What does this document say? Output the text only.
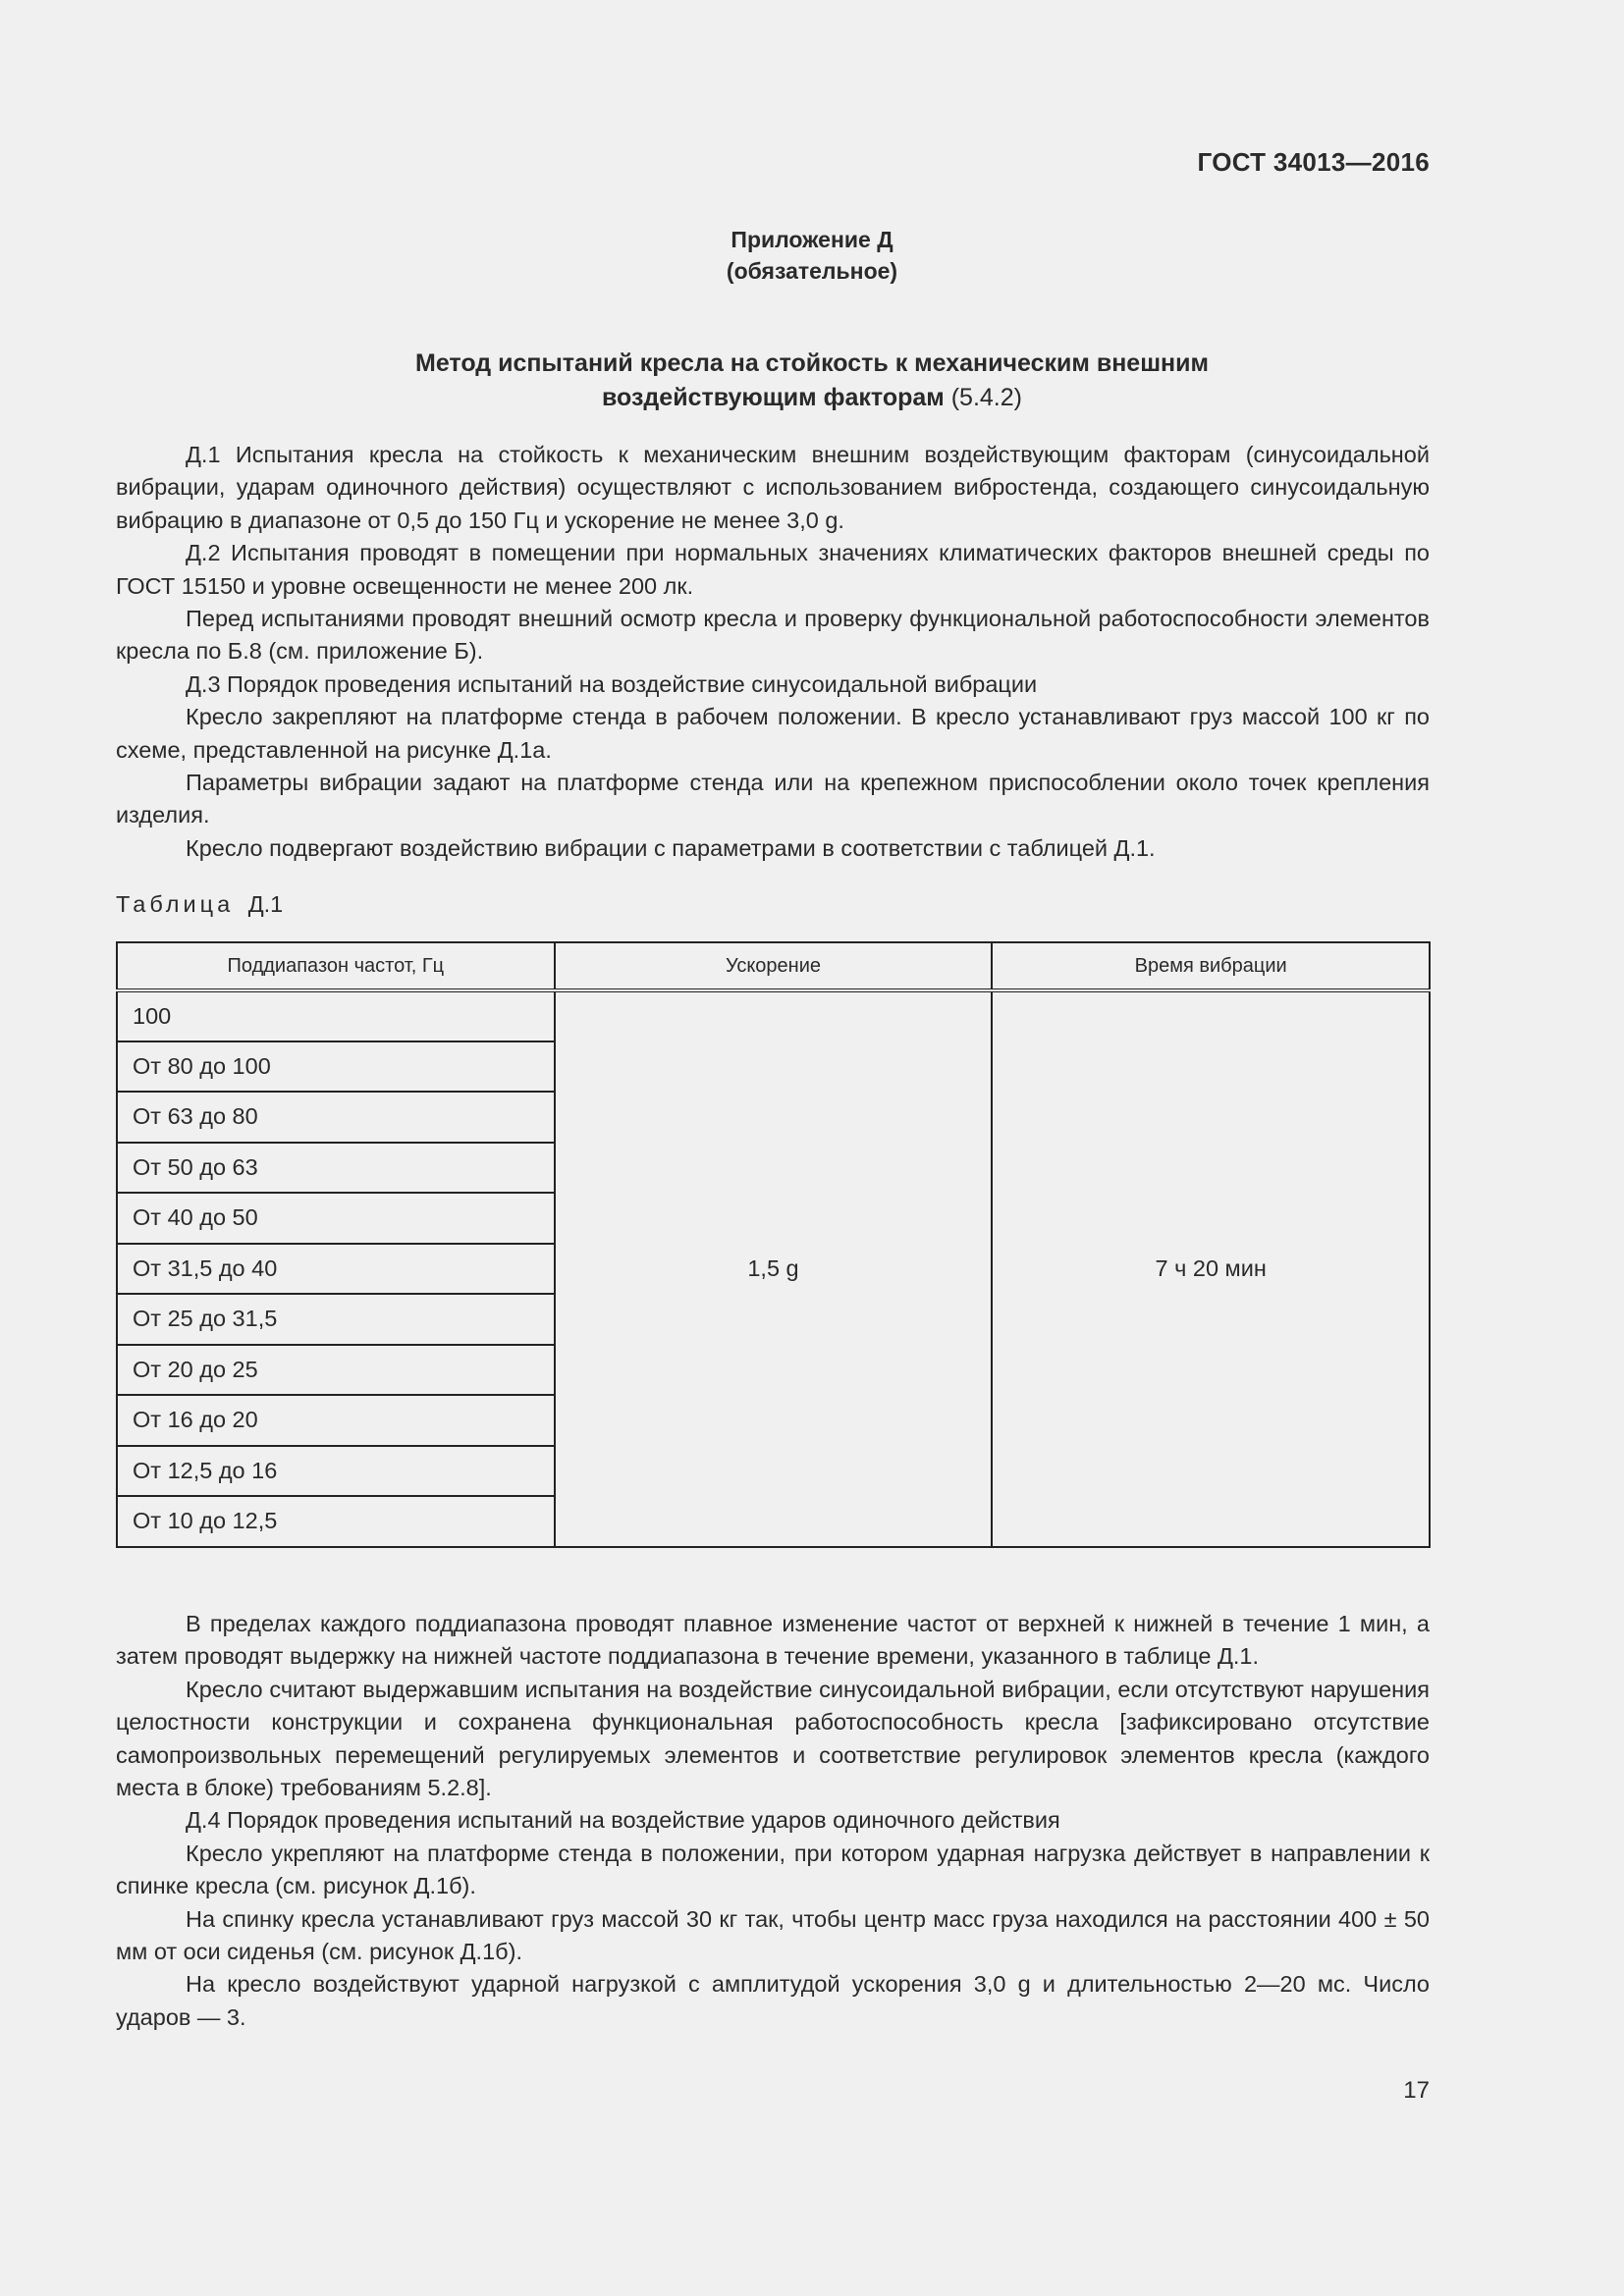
ГОСТ 34013—2016
Приложение Д
(обязательное)
Метод испытаний кресла на стойкость к механическим внешним
воздействующим факторам (5.4.2)

Д.1 Испытания кресла на стойкость к механическим внешним воздействующим факторам (синусоидальной вибрации, ударам одиночного действия) осуществляют с использованием вибростенда, создающего синусоидальную вибрацию в диапазоне от 0,5 до 150 Гц и ускорение не менее 3,0 g.

Д.2 Испытания проводят в помещении при нормальных значениях климатических факторов внешней среды по ГОСТ 15150 и уровне освещенности не менее 200 лк.

Перед испытаниями проводят внешний осмотр кресла и проверку функциональной работоспособности элементов кресла по Б.8 (см. приложение Б).

Д.3 Порядок проведения испытаний на воздействие синусоидальной вибрации

Кресло закрепляют на платформе стенда в рабочем положении. В кресло устанавливают груз массой 100 кг по схеме, представленной на рисунке Д.1а.

Параметры вибрации задают на платформе стенда или на крепежном приспособлении около точек крепления изделия.

Кресло подвергают воздействию вибрации с параметрами в соответствии с таблицей Д.1.

Таблица Д.1
Поддиапазон частот, Гц	Ускорение	Время вибрации
100	1,5 g	7 ч 20 мин
От 80 до 100		
От 63 до 80		
От 50 до 63		
От 40 до 50		
От 31,5 до 40		
От 25 до 31,5		
От 20 до 25		
От 16 до 20		
От 12,5 до 16		
От 10 до 12,5		

В пределах каждого поддиапазона проводят плавное изменение частот от верхней к нижней в течение 1 мин, а затем проводят выдержку на нижней частоте поддиапазона в течение времени, указанного в таблице Д.1.

Кресло считают выдержавшим испытания на воздействие синусоидальной вибрации, если отсутствуют нарушения целостности конструкции и сохранена функциональная работоспособность кресла [зафиксировано отсутствие самопроизвольных перемещений регулируемых элементов и соответствие регулировок элементов кресла (каждого места в блоке) требованиям 5.2.8].

Д.4 Порядок проведения испытаний на воздействие ударов одиночного действия

Кресло укрепляют на платформе стенда в положении, при котором ударная нагрузка действует в направлении к спинке кресла (см. рисунок Д.1б).

На спинку кресла устанавливают груз массой 30 кг так, чтобы центр масс груза находился на расстоянии 400 ± 50 мм от оси сиденья (см. рисунок Д.1б).

На кресло воздействуют ударной нагрузкой с амплитудой ускорения 3,0 g и длительностью 2—20 мс. Число ударов — 3.

17
